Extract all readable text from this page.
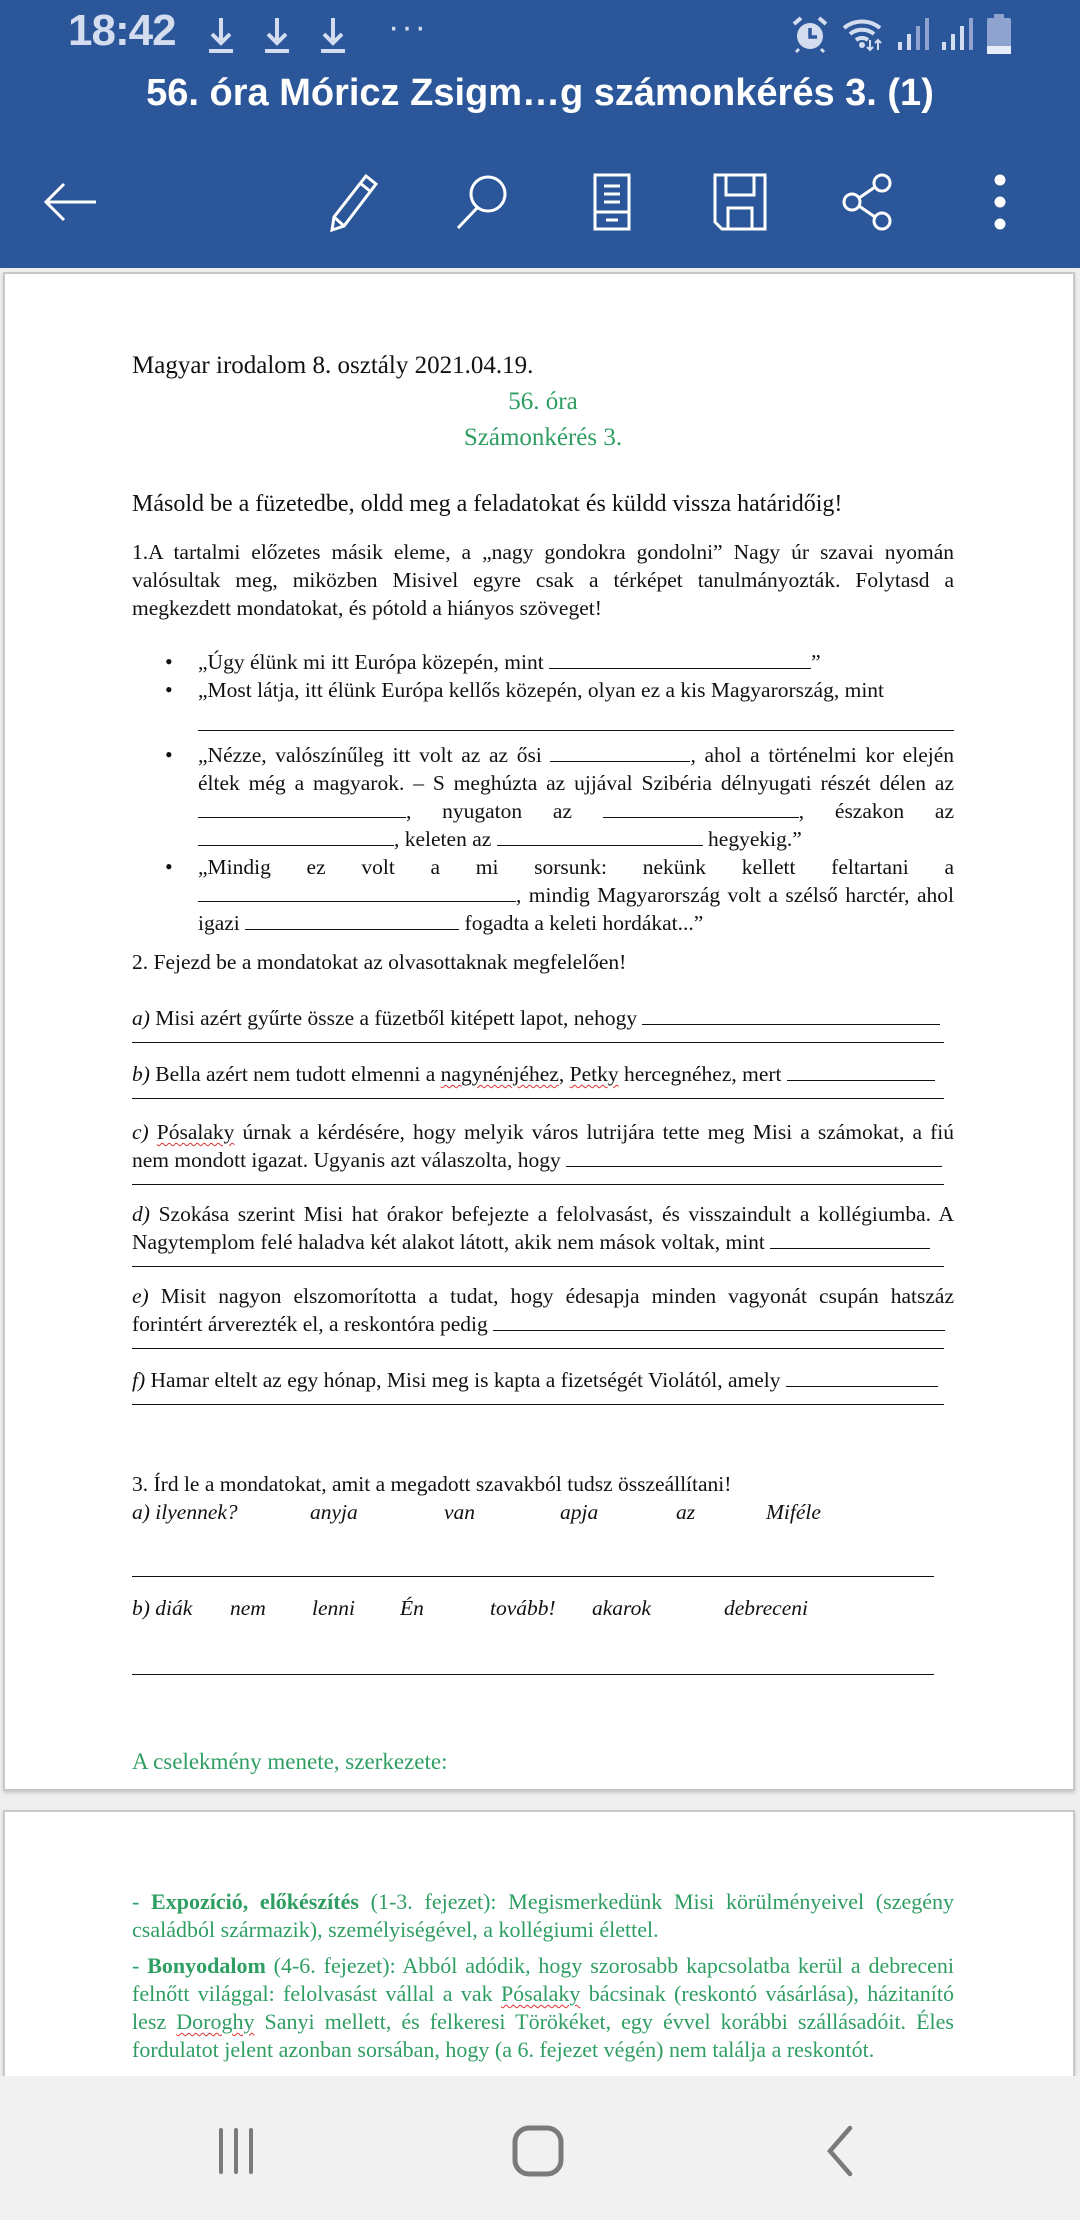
18:42	···
56. óra Móricz Zsigm…g számonkérés 3. (1)
Magyar irodalom 8. osztály 2021.04.19.
56. óra
Számonkérés 3.
Másold be a füzetedbe, oldd meg a feladatokat és küldd vissza határidőig!
1.A tartalmi előzetes másik eleme, a „nagy gondokra gondolni” Nagy úr szavai nyomán valósultak meg, miközben Misivel egyre csak a térképet tanulmányozták. Folytasd a megkezdett mondatokat, és pótold a hiányos szöveget!
• „Úgy élünk mi itt Európa közepén, mint	”
• „Most látja, itt élünk Európa kellős közepén, olyan ez a kis Magyarország, mint
• „Nézze, valószínűleg itt volt az az ősi	, ahol a történelmi kor elején éltek még a magyarok. – S meghúzta az ujjával Szibéria délnyugati részét délen az , nyugaton az	, északon az , keleten az	hegyekig.”
• „Mindig ez volt a mi sorsunk: nekünk kellett feltartani a , mindig Magyarország volt a szélső harctér, ahol igazi	fogadta a keleti hordákat...”
2. Fejezd be a mondatokat az olvasottaknak megfelelően!
a) Misi azért gyűrte össze a füzetből kitépett lapot, nehogy
b) Bella azért nem tudott elmenni a nagynénjéhez, Petky hercegnéhez, mert
c) Pósalaky úrnak a kérdésére, hogy melyik város lutrijára tette meg Misi a számokat, a fiú nem mondott igazat. Ugyanis azt válaszolta, hogy
d) Szokása szerint Misi hat órakor befejezte a felolvasást, és visszaindult a kollégiumba. A Nagytemplom felé haladva két alakot látott, akik nem mások voltak, mint
e) Misit nagyon elszomorította a tudat, hogy édesapja minden vagyonát csupán hatszáz forintért árverezték el, a reskontóra pedig
f) Hamar eltelt az egy hónap, Misi meg is kapta a fizetségét Violától, amely
3. Írd le a mondatokat, amit a megadott szavakból tudsz összeállítani!
a) ilyennek?	anyja	van	apja	az	Miféle
b) diák nem lenni Én	tovább! akarok	debreceni
A cselekmény menete, szerkezete:
- Expozíció, előkészítés (1-3. fejezet): Megismerkedünk Misi körülményeivel (szegény családból származik), személyiségével, a kollégiumi élettel.
- Bonyodalom (4-6. fejezet): Abból adódik, hogy szorosabb kapcsolatba kerül a debreceni felnőtt világgal: felolvasást vállal a vak Pósalaky bácsinak (reskontó vásárlása), házitanító lesz Doroghy Sanyi mellett, és felkeresi Törökéket, egy évvel korábbi szállásadóit. Éles fordulatot jelent azonban sorsában, hogy (a 6. fejezet végén) nem találja a reskontót.
